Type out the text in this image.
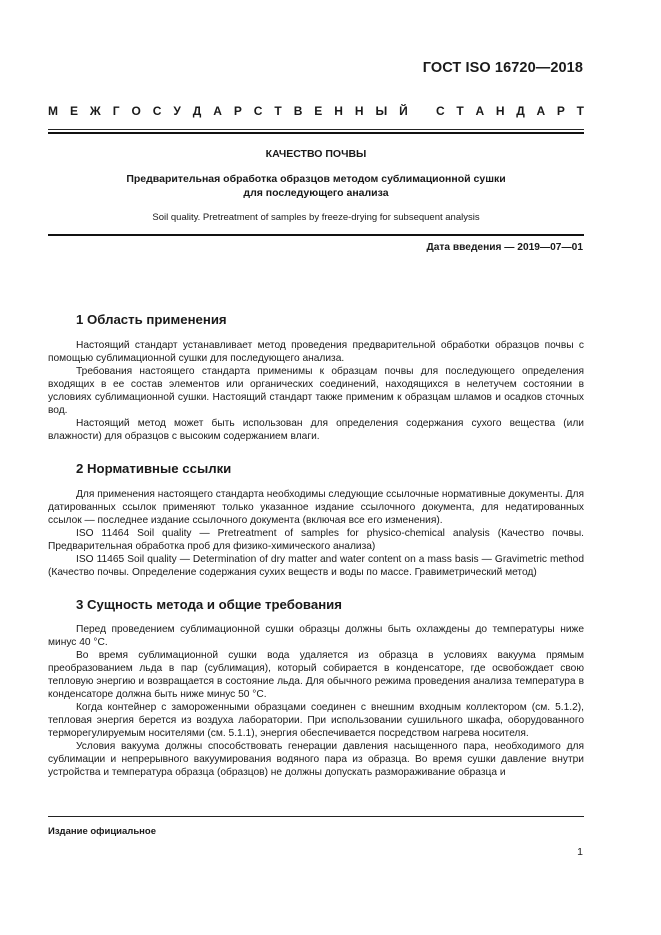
ГОСТ ISO 16720—2018
М Е Ж Г О С У Д А Р С Т В Е Н Н Ы Й С Т А Н Д А Р Т
КАЧЕСТВО ПОЧВЫ
Предварительная обработка образцов методом сублимационной сушки
для последующего анализа
Soil quality. Pretreatment of samples by freeze-drying for subsequent analysis
Дата введения — 2019—07—01
1 Область применения

Настоящий стандарт устанавливает метод проведения предварительной обработки образцов почвы с помощью сублимационной сушки для последующего анализа.

Требования настоящего стандарта применимы к образцам почвы для последующего определения входящих в ее состав элементов или органических соединений, находящихся в нелетучем состоянии в условиях сублимационной сушки. Настоящий стандарт также применим к образцам шламов и осадков сточных вод.

Настоящий метод может быть использован для определения содержания сухого вещества (или влажности) для образцов с высоким содержанием влаги.

2 Нормативные ссылки

Для применения настоящего стандарта необходимы следующие ссылочные нормативные документы. Для датированных ссылок применяют только указанное издание ссылочного документа, для недатированных ссылок — последнее издание ссылочного документа (включая все его изменения).

ISO 11464 Soil quality — Pretreatment of samples for physico-chemical analysis (Качество почвы. Предварительная обработка проб для физико-химического анализа)

ISO 11465 Soil quality — Determination of dry matter and water content on a mass basis — Gravimetric method (Качество почвы. Определение содержания сухих веществ и воды по массе. Гравиметрический метод)

3 Сущность метода и общие требования

Перед проведением сублимационной сушки образцы должны быть охлаждены до температуры ниже минус 40 °С.

Во время сублимационной сушки вода удаляется из образца в условиях вакуума прямым преобразованием льда в пар (сублимация), который собирается в конденсаторе, где освобождает свою тепловую энергию и возвращается в состояние льда. Для обычного режима проведения анализа температура в конденсаторе должна быть ниже минус 50 °С.

Когда контейнер с замороженными образцами соединен с внешним входным коллектором (см. 5.1.2), тепловая энергия берется из воздуха лаборатории. При использовании сушильного шкафа, оборудованного терморегулируемым носителями (см. 5.1.1), энергия обеспечивается посредством нагрева носителя.

Условия вакуума должны способствовать генерации давления насыщенного пара, необходимого для сублимации и непрерывного вакуумирования водяного пара из образца. Во время сушки давление внутри устройства и температура образца (образцов) не должны допускать размораживание образца и

Издание официальное
1
